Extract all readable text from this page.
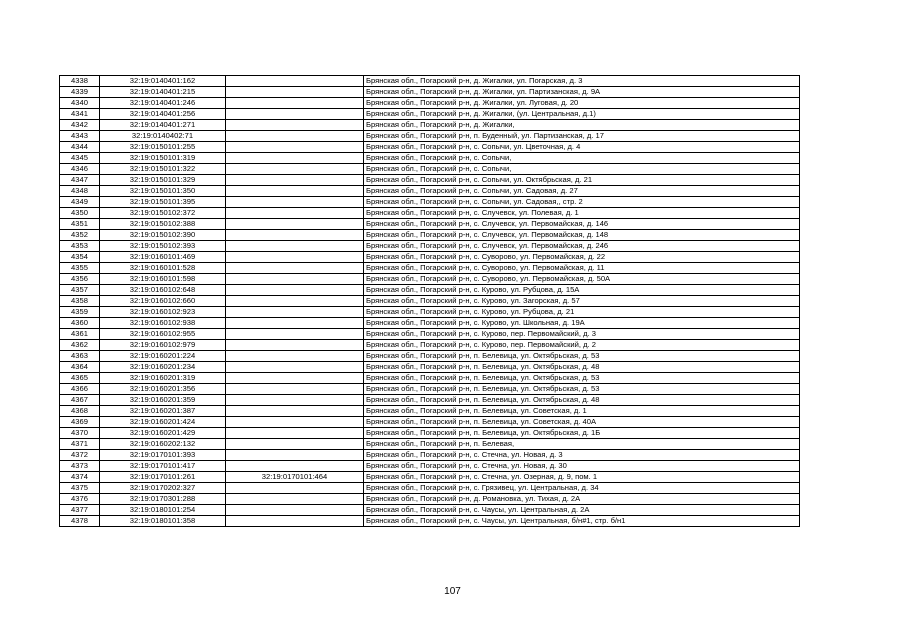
4338	32:19:0140401:162		Брянская обл., Погарский р-н, д. Жигалки, ул. Погарская, д. 3
4339	32:19:0140401:215		Брянская обл., Погарский р-н, д. Жигалки, ул. Партизанская, д. 9А
4340	32:19:0140401:246		Брянская обл., Погарский р-н, д. Жигалки, ул. Луговая, д. 20
4341	32:19:0140401:256		Брянская обл., Погарский р-н, д. Жигалки, (ул. Центральная, д.1)
4342	32:19:0140401:271		Брянская обл., Погарский р-н, д. Жигалки,
4343	32:19:0140402:71		Брянская обл., Погарский р-н, п. Буденный, ул. Партизанская, д. 17
4344	32:19:0150101:255		Брянская обл., Погарский р-н, с. Сопычи, ул. Цветочная, д. 4
4345	32:19:0150101:319		Брянская обл., Погарский р-н, с. Сопычи,
4346	32:19:0150101:322		Брянская обл., Погарский р-н, с. Сопычи,
4347	32:19:0150101:329		Брянская обл., Погарский р-н, с. Сопычи, ул. Октябрьская, д. 21
4348	32:19:0150101:350		Брянская обл., Погарский р-н, с. Сопычи, ул. Садовая, д. 27
4349	32:19:0150101:395		Брянская обл., Погарский р-н, с. Сопычи, ул. Садовая,, стр. 2
4350	32:19:0150102:372		Брянская обл., Погарский р-н, с. Случевск, ул. Полевая, д. 1
4351	32:19:0150102:388		Брянская обл., Погарский р-н, с. Случевск, ул. Первомайская, д. 146
4352	32:19:0150102:390		Брянская обл., Погарский р-н, с. Случевск, ул. Первомайская, д. 148
4353	32:19:0150102:393		Брянская обл., Погарский р-н, с. Случевск, ул. Первомайская, д. 246
4354	32:19:0160101:469		Брянская обл., Погарский р-н, с. Суворово, ул. Первомайская, д. 22
4355	32:19:0160101:528		Брянская обл., Погарский р-н, с. Суворово, ул. Первомайская, д. 11
4356	32:19:0160101:598		Брянская обл., Погарский р-н, с. Суворово, ул. Первомайская, д. 50А
4357	32:19:0160102:648		Брянская обл., Погарский р-н, с. Курово, ул. Рубцова, д. 15А
4358	32:19:0160102:660		Брянская обл., Погарский р-н, с. Курово, ул. Загорская, д. 57
4359	32:19:0160102:923		Брянская обл., Погарский р-н, с. Курово, ул. Рубцова, д. 21
4360	32:19:0160102:938		Брянская обл., Погарский р-н, с. Курово, ул. Школьная, д. 19А
4361	32:19:0160102:955		Брянская обл., Погарский р-н, с. Курово, пер. Первомайский, д. 3
4362	32:19:0160102:979		Брянская обл., Погарский р-н, с. Курово, пер. Первомайский, д. 2
4363	32:19:0160201:224		Брянская обл., Погарский р-н, п. Белевица, ул. Октябрьская, д. 53
4364	32:19:0160201:234		Брянская обл., Погарский р-н, п. Белевица, ул. Октябрьская, д. 48
4365	32:19:0160201:319		Брянская обл., Погарский р-н, п. Белевица, ул. Октябрьская, д. 53
4366	32:19:0160201:356		Брянская обл., Погарский р-н, п. Белевица, ул. Октябрьская, д. 53
4367	32:19:0160201:359		Брянская обл., Погарский р-н, п. Белевица, ул. Октябрьская, д. 48
4368	32:19:0160201:387		Брянская обл., Погарский р-н, п. Белевица, ул. Советская, д. 1
4369	32:19:0160201:424		Брянская обл., Погарский р-н, п. Белевица, ул. Советская, д. 40А
4370	32:19:0160201:429		Брянская обл., Погарский р-н, п. Белевица, ул. Октябрьская, д. 1Б
4371	32:19:0160202:132		Брянская обл., Погарский р-н, п. Белевая,
4372	32:19:0170101:393		Брянская обл., Погарский р-н, с. Стечна, ул. Новая, д. 3
4373	32:19:0170101:417		Брянская обл., Погарский р-н, с. Стечна, ул. Новая, д. 30
4374	32:19:0170101:261	32:19:0170101:464	Брянская обл., Погарский р-н, с. Стечна, ул. Озерная, д. 9, пом. 1
4375	32:19:0170202:327		Брянская обл., Погарский р-н, с. Грязивец, ул. Центральная, д. 34
4376	32:19:0170301:288		Брянская обл., Погарский р-н, д. Романовка, ул. Тихая, д. 2А
4377	32:19:0180101:254		Брянская обл., Погарский р-н, с. Чаусы, ул. Центральная, д. 2А
4378	32:19:0180101:358		Брянская обл., Погарский р-н, с. Чаусы, ул. Центральная, б/н#1, стр. б/н1
107
